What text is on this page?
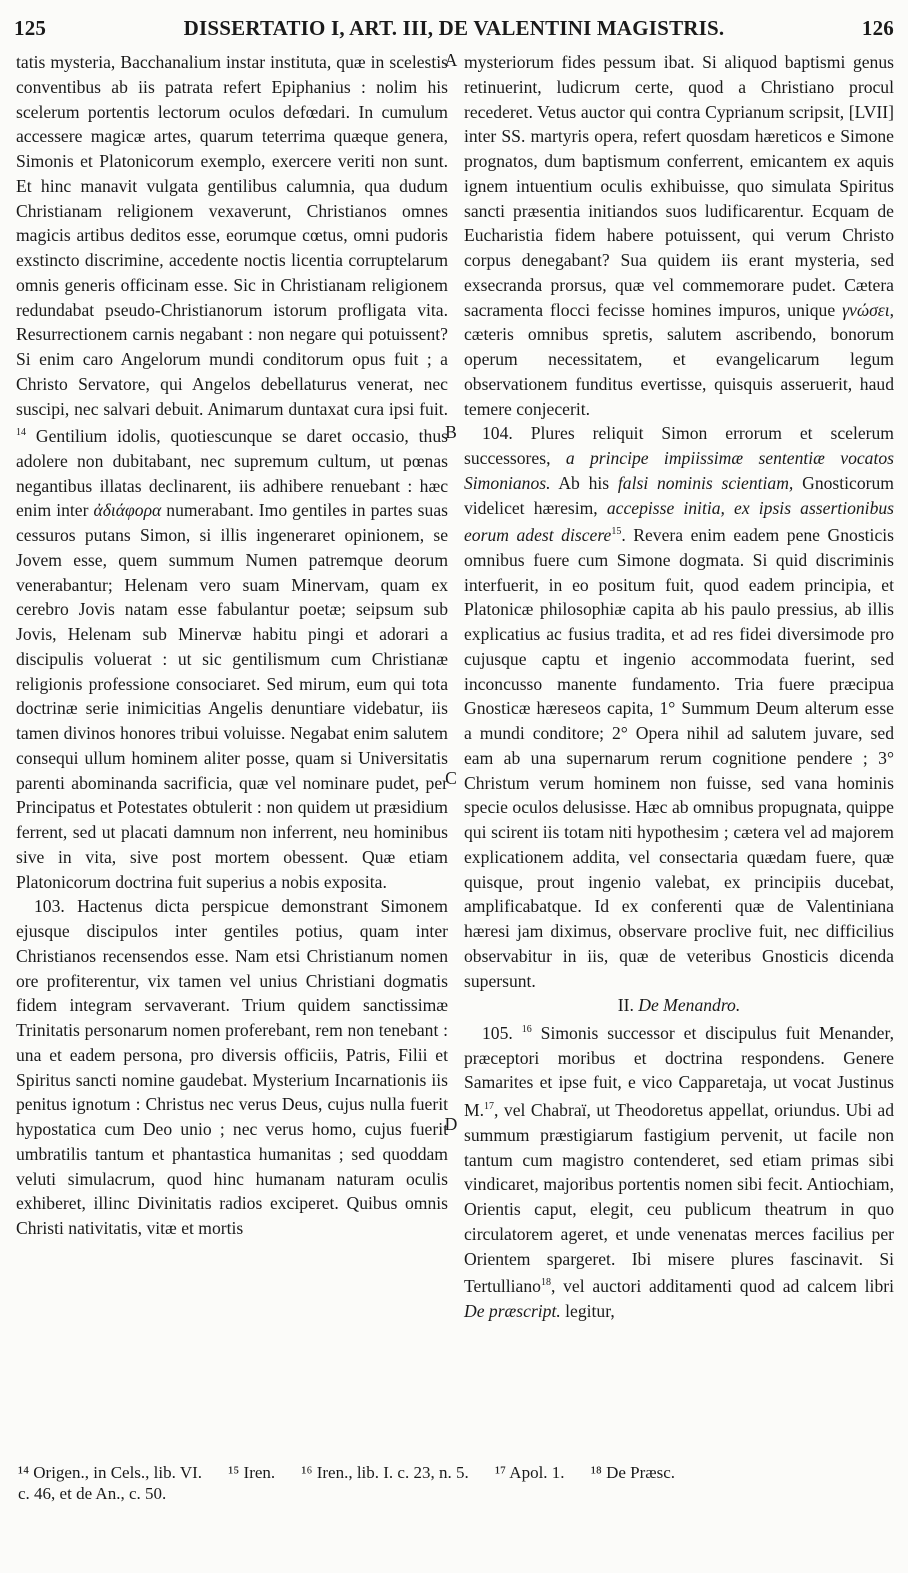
125	DISSERTATIO I, ART. III, DE VALENTINI MAGISTRIS.	126

tatis mysteria, Bacchanalium instar instituta, quæ in scelestis conventibus ab iis patrata refert Epiphanius : nolim his scelerum portentis lectorum oculos defœdari. In cumulum accessere magicæ artes, quarum teterrima quæque genera, Simonis et Platonicorum exemplo, exercere veriti non sunt. Et hinc manavit vulgata gentilibus calumnia, qua dudum Christianam religionem vexaverunt, Christianos omnes magicis artibus deditos esse, eorumque cœtus, omni pudoris exstincto discrimine, accedente noctis licentia corruptelarum omnis generis officinam esse. Sic in Christianam religionem redundabat pseudo-Christianorum istorum profligata vita. Resurrectionem carnis negabant : non negare qui potuissent? Si enim caro Angelorum mundi conditorum opus fuit ; a Christo Servatore, qui Angelos debellaturus venerat, nec suscipi, nec salvari debuit. Animarum duntaxat cura ipsi fuit. $^{14}$ Gentilium idolis, quotiescunque se daret occasio, thus adolere non dubitabant, nec supremum cultum, ut pœnas negantibus illatas declinarent, iis adhibere renuebant : hæc enim inter ἀδιάφορα numerabant. Imo gentiles in partes suas cessuros putans Simon, si illis ingeneraret opinionem, se Jovem esse, quem summum Numen patremque deorum venerabantur; Helenam vero suam Minervam, quam ex cerebro Jovis natam esse fabulantur poetæ; seipsum sub Jovis, Helenam sub Minervæ habitu pingi et adorari a discipulis voluerat : ut sic gentilismum cum Christianæ religionis professione consociaret. Sed mirum, eum qui tota doctrinæ serie inimicitias Angelis denuntiare videbatur, iis tamen divinos honores tribui voluisse. Negabat enim salutem consequi ullum hominem aliter posse, quam si Universitatis parenti abominanda sacrificia, quæ vel nominare pudet, per Principatus et Potestates obtulerit : non quidem ut præsidium ferrent, sed ut placati damnum non inferrent, neu hominibus sive in vita, sive post mortem obessent. Quæ etiam Platonicorum doctrina fuit superius a nobis exposita.

103. Hactenus dicta perspicue demonstrant Simonem ejusque discipulos inter gentiles potius, quam inter Christianos recensendos esse. Nam etsi Christianum nomen ore profiterentur, vix tamen vel unius Christiani dogmatis fidem integram servaverant. Trium quidem sanctissimæ Trinitatis personarum nomen proferebant, rem non tenebant : una et eadem persona, pro diversis officiis, Patris, Filii et Spiritus sancti nomine gaudebat. Mysterium Incarnationis iis penitus ignotum : Christus nec verus Deus, cujus nulla fuerit hypostatica cum Deo unio ; nec verus homo, cujus fuerit umbratilis tantum et phantastica humanitas ; sed quoddam veluti simulacrum, quod hinc humanam naturam oculis exhiberet, illinc Divinitatis radios exciperet. Quibus omnis Christi nativitatis, vitæ et mortis

A
B
C
D

mysteriorum fides pessum ibat. Si aliquod baptismi genus retinuerint, ludicrum certe, quod a Christiano procul recederet. Vetus auctor qui contra Cyprianum scripsit, [LVII] inter SS. martyris opera, refert quosdam hæreticos e Simone prognatos, dum baptismum conferrent, emicantem ex aquis ignem intuentium oculis exhibuisse, quo simulata Spiritus sancti præsentia initiandos suos ludificarentur. Ecquam de Eucharistia fidem habere potuissent, qui verum Christo corpus denegabant? Sua quidem iis erant mysteria, sed exsecranda prorsus, quæ vel commemorare pudet. Cætera sacramenta flocci fecisse homines impuros, unique γνώσει, cæteris omnibus spretis, salutem ascribendo, bonorum operum necessitatem, et evangelicarum legum observationem funditus evertisse, quisquis asseruerit, haud temere conjecerit.

104. Plures reliquit Simon errorum et scelerum successores, a principe impiissimæ sententiæ vocatos Simonianos. Ab his falsi nominis scientiam, Gnosticorum videlicet hæresim, accepisse initia, ex ipsis assertionibus eorum adest discere$^{15}$. Revera enim eadem pene Gnosticis omnibus fuere cum Simone dogmata. Si quid discriminis interfuerit, in eo positum fuit, quod eadem principia, et Platonicæ philosophiæ capita ab his paulo pressius, ab illis explicatius ac fusius tradita, et ad res fidei diversimode pro cujusque captu et ingenio accommodata fuerint, sed inconcusso manente fundamento. Tria fuere præcipua Gnosticæ hæreseos capita, 1° Summum Deum alterum esse a mundi conditore; 2° Opera nihil ad salutem juvare, sed eam ab una supernarum rerum cognitione pendere ; 3° Christum verum hominem non fuisse, sed vana hominis speciе oculos delusisse. Hæc ab omnibus propugnata, quippe qui scirent iis totam niti hypothesim ; cætera vel ad majorem explicationem addita, vel consectaria quædam fuere, quæ quisque, prout ingenio valebat, ex principiis ducebat, amplificabatque. Id ex conferenti quæ de Valentiniana hæresi jam diximus, observare proclive fuit, nec difficilius observabitur in iis, quæ de veteribus Gnosticis dicenda supersunt.

II. De Menandro.

105. $^{16}$ Simonis successor et discipulus fuit Menander, præceptori moribus et doctrina respondens. Genere Samarites et ipse fuit, e vico Capparetaja, ut vocat Justinus M.$^{17}$, vel Chabraï, ut Theodoretus appellat, oriundus. Ubi ad summum præstigiarum fastigium pervenit, ut facile non tantum cum magistro contenderet, sed etiam primas sibi vindicaret, majoribus portentis nomen sibi fecit. Antiochiam, Orientis caput, elegit, ceu publicum theatrum in quo circulatorem ageret, et unde venenatas merces facilius per Orientem spargeret. Ibi misere plures fascinavit. Si Tertulliano$^{18}$, vel auctori additamenti quod ad calcem libri De præscript. legitur,

¹⁴ Origen., in Cels., lib. VI. ¹⁵ Iren. ¹⁶ Iren., lib. I. c. 23, n. 5. ¹⁷ Apol. 1. ¹⁸ De Præsc.
c. 46, et de An., c. 50.
